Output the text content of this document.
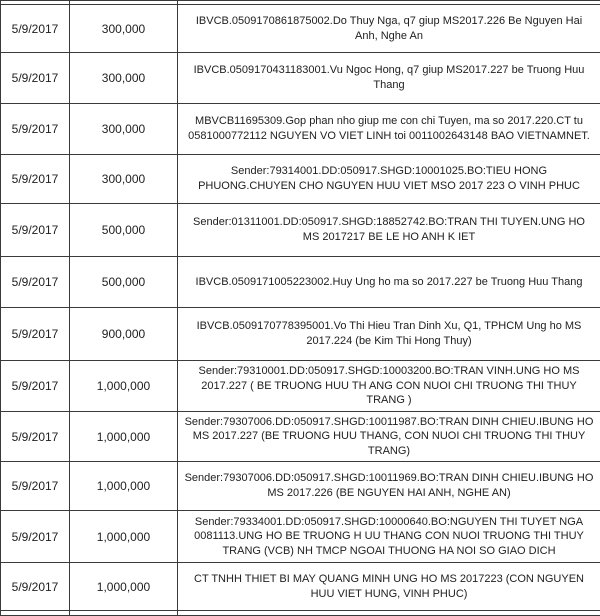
5/9/2017	300,000	IBVCB.0509170861875002.Do Thuy Nga, q7 giup MS2017.226 Be Nguyen Hai Anh, Nghe An
5/9/2017	300,000	IBVCB.0509170431183001.Vu Ngoc Hong, q7 giup MS2017.227 be Truong Huu Thang
5/9/2017	300,000	MBVCB11695309.Gop phan nho giup me con chi Tuyen, ma so 2017.220.CT tu 0581000772112 NGUYEN VO VIET LINH toi 0011002643148 BAO VIETNAMNET.
5/9/2017	300,000	Sender:79314001.DD:050917.SHGD:10001025.BO:TIEU HONG PHUONG.CHUYEN CHO NGUYEN HUU VIET MSO 2017 223 O VINH PHUC
5/9/2017	500,000	Sender:01311001.DD:050917.SHGD:18852742.BO:TRAN THI TUYEN.UNG HO MS 2017217 BE LE HO ANH K IET
5/9/2017	500,000	IBVCB.0509171005223002.Huy Ung ho ma so 2017.227 be Truong Huu Thang
5/9/2017	900,000	IBVCB.0509170778395001.Vo Thi Hieu Tran Dinh Xu, Q1, TPHCM Ung ho MS 2017.224 (be Kim Thi Hong Thuy)
5/9/2017	1,000,000	Sender:79310001.DD:050917.SHGD:10003200.BO:TRAN VINH.UNG HO MS 2017.227 ( BE TRUONG HUU TH ANG CON NUOI CHI TRUONG THI THUY TRANG )
5/9/2017	1,000,000	Sender:79307006.DD:050917.SHGD:10011987.BO:TRAN DINH CHIEU.IBUNG HO MS 2017.227 (BE TRUONG HUU THANG, CON NUOI CHI TRUONG THI THUY TRANG)
5/9/2017	1,000,000	Sender:79307006.DD:050917.SHGD:10011969.BO:TRAN DINH CHIEU.IBUNG HO MS 2017.226 (BE NGUYEN HAI ANH, NGHE AN)
5/9/2017	1,000,000	Sender:79334001.DD:050917.SHGD:10000640.BO:NGUYEN THI TUYET NGA 0081113.UNG HO BE TRUONG H UU THANG CON NUOI TRUONG THI THUY TRANG (VCB) NH TMCP NGOAI THUONG HA NOI SO GIAO DICH
5/9/2017	1,000,000	CT TNHH THIET BI MAY QUANG MINH UNG HO MS 2017223 (CON NGUYEN HUU VIET HUNG, VINH PHUC)
